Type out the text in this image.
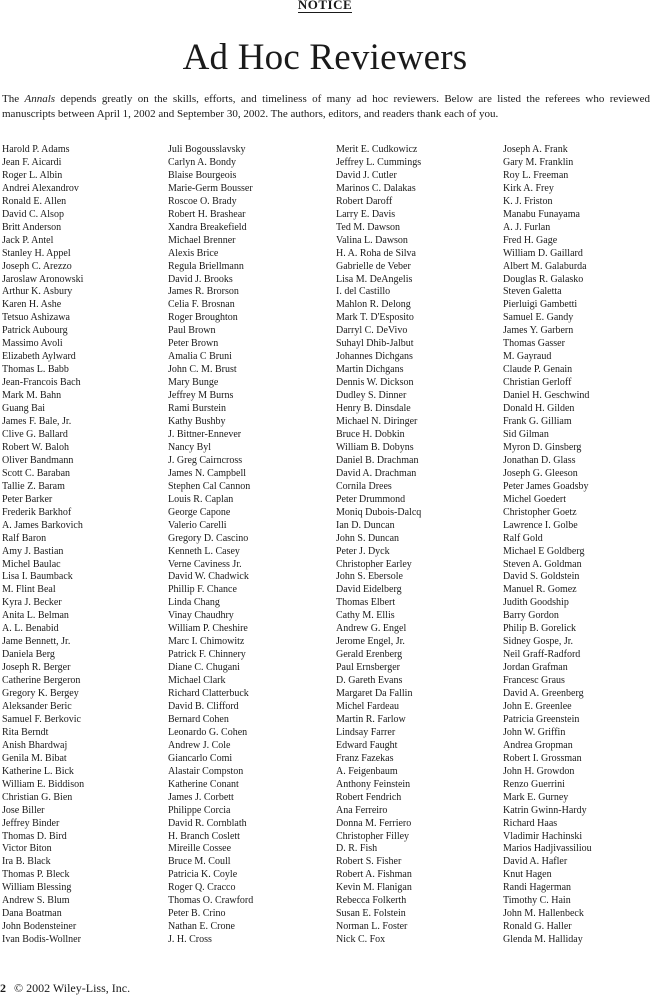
NOTICE
Ad Hoc Reviewers

The Annals depends greatly on the skills, efforts, and timeliness of many ad hoc reviewers. Below are listed the referees who reviewed manuscripts between April 1, 2002 and September 30, 2002. The authors, editors, and readers thank each of you.

Harold P. Adams
Jean F. Aicardi
Roger L. Albin
Andrei Alexandrov
Ronald E. Allen
David C. Alsop
Britt Anderson
Jack P. Antel
Stanley H. Appel
Joseph C. Arezzo
Jaroslaw Aronowski
Arthur K. Asbury
Karen H. Ashe
Tetsuo Ashizawa
Patrick Aubourg
Massimo Avoli
Elizabeth Aylward
Thomas L. Babb
Jean-Francois Bach
Mark M. Bahn
Guang Bai
James F. Bale, Jr.
Clive G. Ballard
Robert W. Baloh
Oliver Bandmann
Scott C. Baraban
Tallie Z. Baram
Peter Barker
Frederik Barkhof
A. James Barkovich
Ralf Baron
Amy J. Bastian
Michel Baulac
Lisa I. Baumback
M. Flint Beal
Kyra J. Becker
Anita L. Belman
A. L. Benabid
Jame Bennett, Jr.
Daniela Berg
Joseph R. Berger
Catherine Bergeron
Gregory K. Bergey
Aleksander Beric
Samuel F. Berkovic
Rita Berndt
Anish Bhardwaj
Genila M. Bibat
Katherine L. Bick
William E. Biddison
Christian G. Bien
Jose Biller
Jeffrey Binder
Thomas D. Bird
Victor Biton
Ira B. Black
Thomas P. Bleck
William Blessing
Andrew S. Blum
Dana Boatman
John Bodensteiner
Ivan Bodis-Wollner
Juli Bogousslavsky
Carlyn A. Bondy
Blaise Bourgeois
Marie-Germ Bousser
Roscoe O. Brady
Robert H. Brashear
Xandra Breakefield
Michael Brenner
Alexis Brice
Regula Briellmann
David J. Brooks
James R. Brorson
Celia F. Brosnan
Roger Broughton
Paul Brown
Peter Brown
Amalia C Bruni
John C. M. Brust
Mary Bunge
Jeffrey M Burns
Rami Burstein
Kathy Bushby
J. Bittner-Ennever
Nancy Byl
J. Greg Cairncross
James N. Campbell
Stephen Cal Cannon
Louis R. Caplan
George Capone
Valerio Carelli
Gregory D. Cascino
Kenneth L. Casey
Verne Caviness Jr.
David W. Chadwick
Phillip F. Chance
Linda Chang
Vinay Chaudhry
William P. Cheshire
Marc I. Chimowitz
Patrick F. Chinnery
Diane C. Chugani
Michael Clark
Richard Clatterbuck
David B. Clifford
Bernard Cohen
Leonardo G. Cohen
Andrew J. Cole
Giancarlo Comi
Alastair Compston
Katherine Conant
James J. Corbett
Philippe Corcia
David R. Cornblath
H. Branch Coslett
Mireille Cossee
Bruce M. Coull
Patricia K. Coyle
Roger Q. Cracco
Thomas O. Crawford
Peter B. Crino
Nathan E. Crone
J. H. Cross
Merit E. Cudkowicz
Jeffrey L. Cummings
David J. Cutler
Marinos C. Dalakas
Robert Daroff
Larry E. Davis
Ted M. Dawson
Valina L. Dawson
H. A. Roha de Silva
Gabrielle de Veber
Lisa M. DeAngelis
I. del Castillo
Mahlon R. Delong
Mark T. D'Esposito
Darryl C. DeVivo
Suhayl Dhib-Jalbut
Johannes Dichgans
Martin Dichgans
Dennis W. Dickson
Dudley S. Dinner
Henry B. Dinsdale
Michael N. Diringer
Bruce H. Dobkin
William B. Dobyns
Daniel B. Drachman
David A. Drachman
Cornila Drees
Peter Drummond
Moniq Dubois-Dalcq
Ian D. Duncan
John S. Duncan
Peter J. Dyck
Christopher Earley
John S. Ebersole
David Eidelberg
Thomas Elbert
Cathy M. Ellis
Andrew G. Engel
Jerome Engel, Jr.
Gerald Erenberg
Paul Ernsberger
D. Gareth Evans
Margaret Da Fallin
Michel Fardeau
Martin R. Farlow
Lindsay Farrer
Edward Faught
Franz Fazekas
A. Feigenbaum
Anthony Feinstein
Robert Fendrich
Ana Ferreiro
Donna M. Ferriero
Christopher Filley
D. R. Fish
Robert S. Fisher
Robert A. Fishman
Kevin M. Flanigan
Rebecca Folkerth
Susan E. Folstein
Norman L. Foster
Nick C. Fox
Joseph A. Frank
Gary M. Franklin
Roy L. Freeman
Kirk A. Frey
K. J. Friston
Manabu Funayama
A. J. Furlan
Fred H. Gage
William D. Gaillard
Albert M. Galaburda
Douglas R. Galasko
Steven Galetta
Pierluigi Gambetti
Samuel E. Gandy
James Y. Garbern
Thomas Gasser
M. Gayraud
Claude P. Genain
Christian Gerloff
Daniel H. Geschwind
Donald H. Gilden
Frank G. Gilliam
Sid Gilman
Myron D. Ginsberg
Jonathan D. Glass
Joseph G. Gleeson
Peter James Goadsby
Michel Goedert
Christopher Goetz
Lawrence I. Golbe
Ralf Gold
Michael E Goldberg
Steven A. Goldman
David S. Goldstein
Manuel R. Gomez
Judith Goodship
Barry Gordon
Philip B. Gorelick
Sidney Gospe, Jr.
Neil Graff-Radford
Jordan Grafman
Francesc Graus
David A. Greenberg
John E. Greenlee
Patricia Greenstein
John W. Griffin
Andrea Gropman
Robert I. Grossman
John H. Growdon
Renzo Guerrini
Mark E. Gurney
Katrin Gwinn-Hardy
Richard Haas
Vladimir Hachinski
Marios Hadjivassiliou
David A. Hafler
Knut Hagen
Randi Hagerman
Timothy C. Hain
John M. Hallenbeck
Ronald G. Haller
Glenda M. Halliday
2 © 2002 Wiley-Liss, Inc.
